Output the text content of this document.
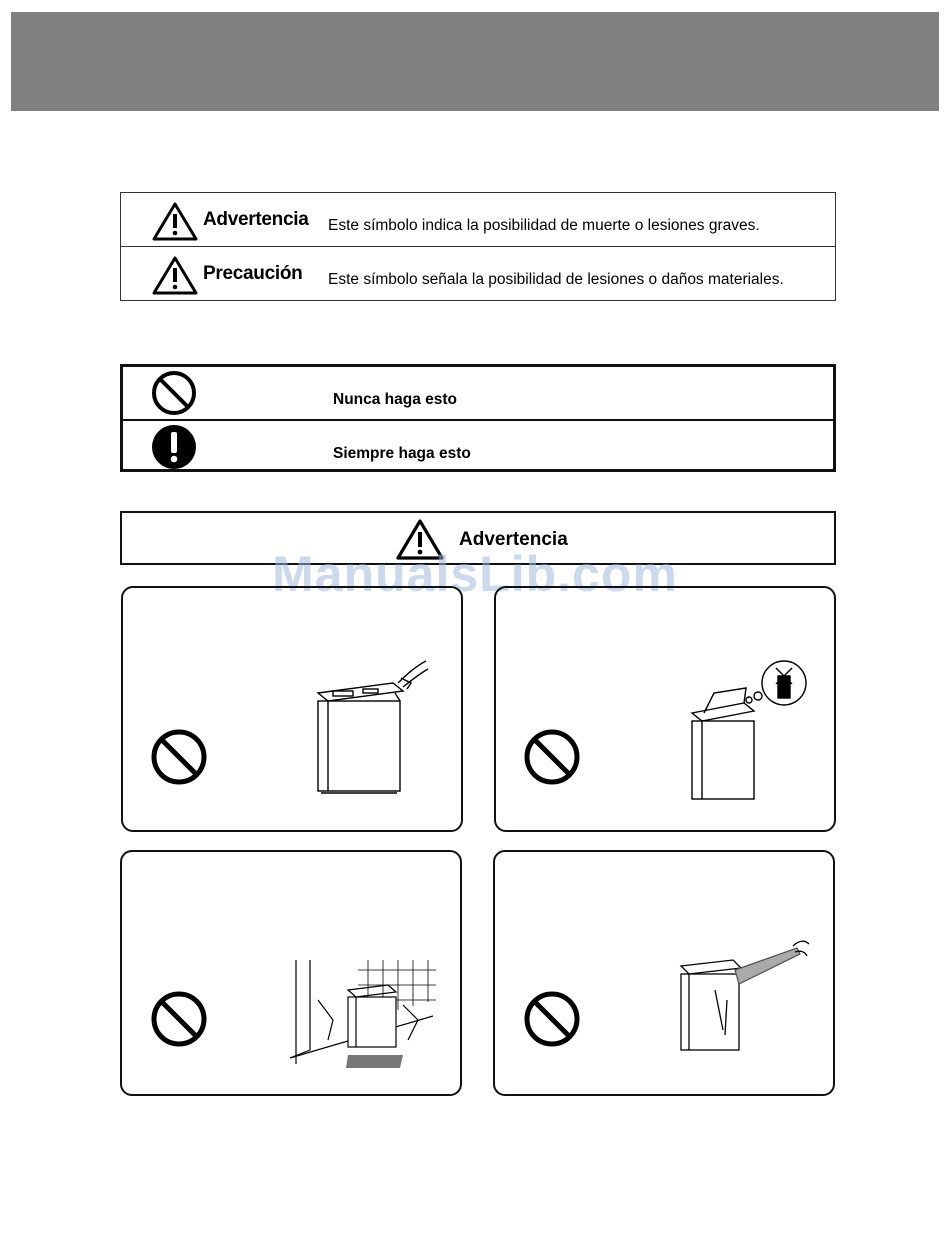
Advertencia Este símbolo indica la posibilidad de muerte o lesiones graves.
Precaución Este símbolo señala la posibilidad de lesiones o daños materiales.
Nunca haga esto
Siempre haga esto
Advertencia
ManualsLib.com
